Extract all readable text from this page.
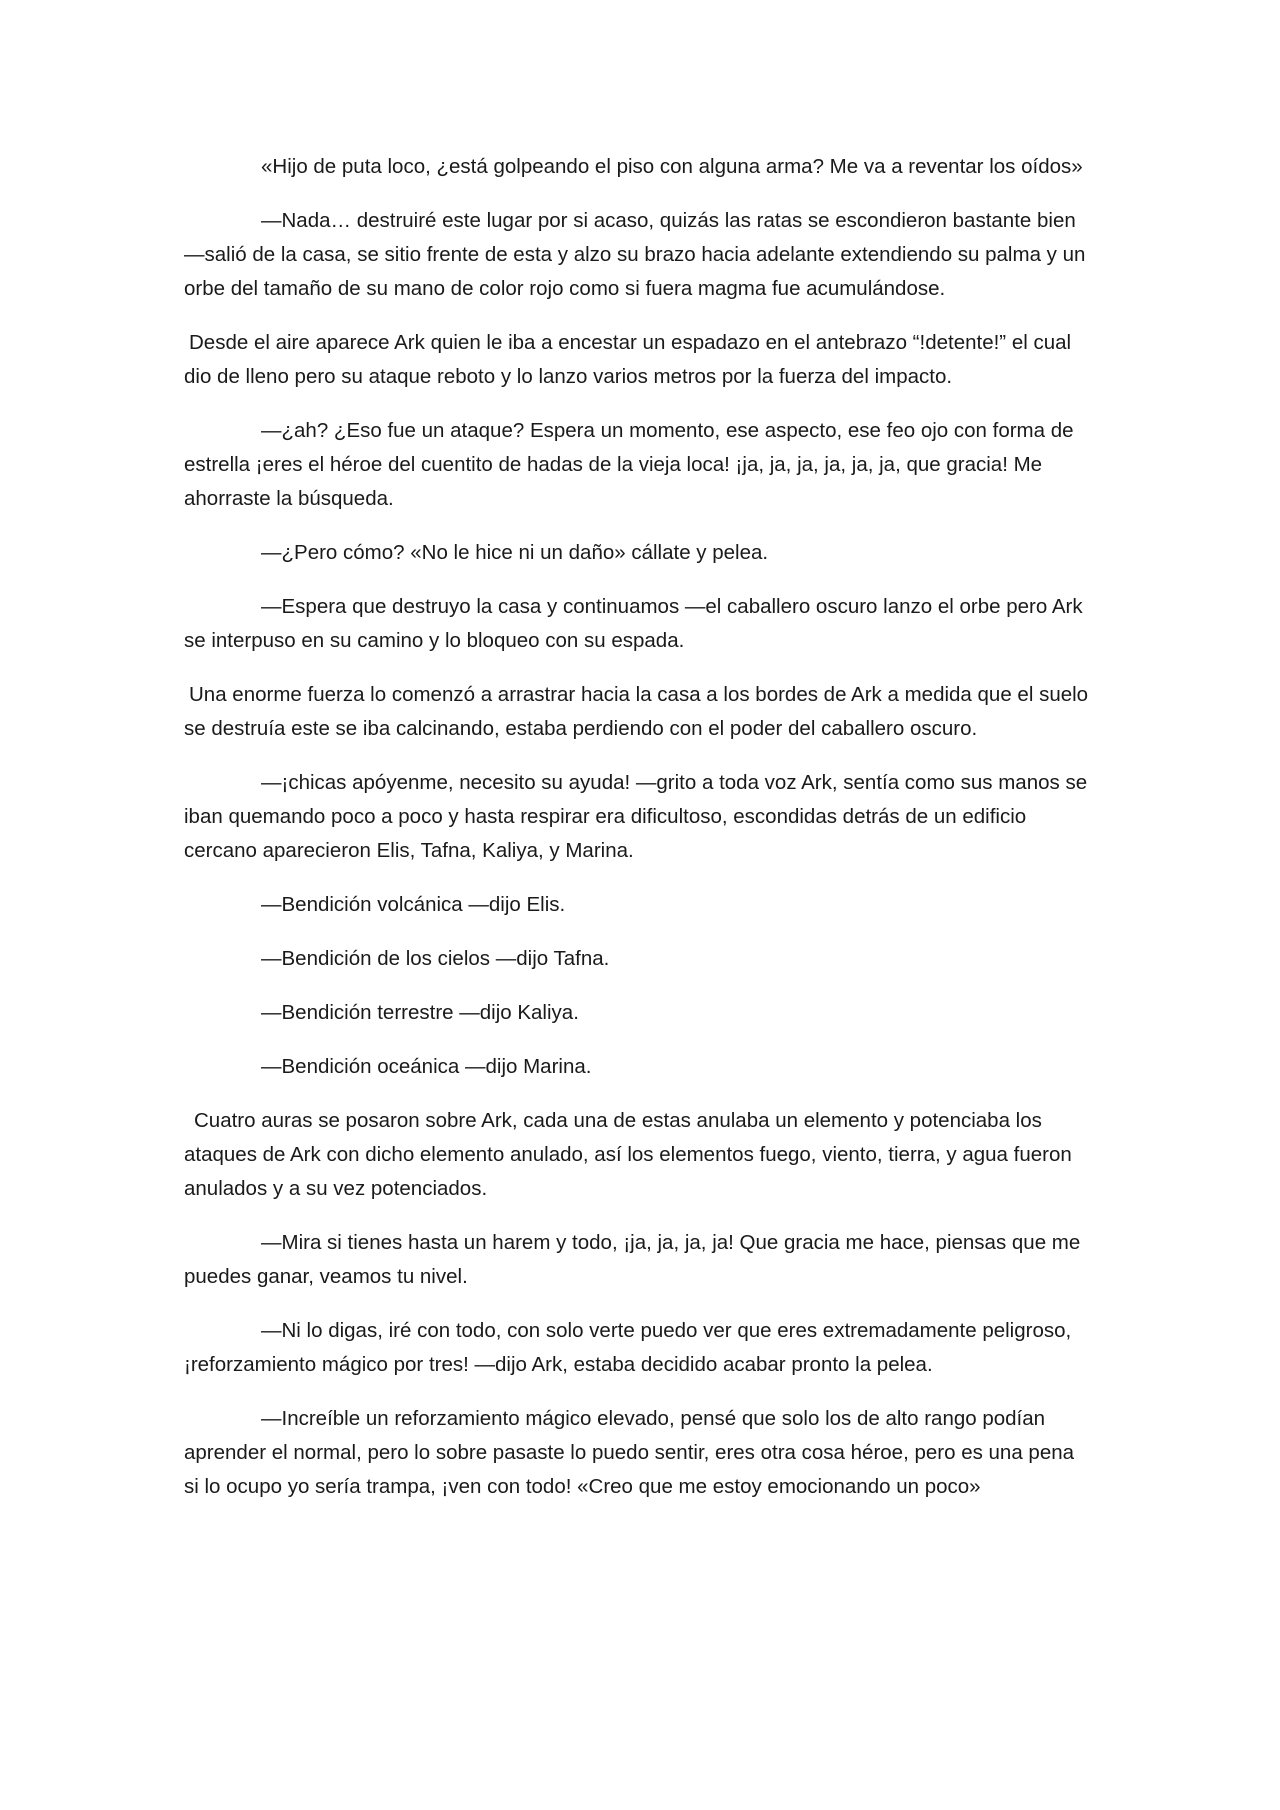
«Hijo de puta loco, ¿está golpeando el piso con alguna arma? Me va a reventar los oídos»

—Nada… destruiré este lugar por si acaso, quizás las ratas se escondieron bastante bien —salió de la casa, se sitio frente de esta y alzo su brazo hacia adelante extendiendo su palma y un orbe del tamaño de su mano de color rojo como si fuera magma fue acumulándose.

Desde el aire aparece Ark quien le iba a encestar un espadazo en el antebrazo “!detente!” el cual dio de lleno pero su ataque reboto y lo lanzo varios metros por la fuerza del impacto.

—¿ah? ¿Eso fue un ataque? Espera un momento, ese aspecto, ese feo ojo con forma de estrella ¡eres el héroe del cuentito de hadas de la vieja loca! ¡ja, ja, ja, ja, ja, ja, que gracia! Me ahorraste la búsqueda.

—¿Pero cómo? «No le hice ni un daño» cállate y pelea.

—Espera que destruyo la casa y continuamos —el caballero oscuro lanzo el orbe pero Ark se interpuso en su camino y lo bloqueo con su espada.

Una enorme fuerza lo comenzó a arrastrar hacia la casa a los bordes de Ark a medida que el suelo se destruía este se iba calcinando, estaba perdiendo con el poder del caballero oscuro.

—¡chicas apóyenme, necesito su ayuda! —grito a toda voz Ark, sentía como sus manos se iban quemando poco a poco y hasta respirar era dificultoso, escondidas detrás de un edificio cercano aparecieron Elis, Tafna, Kaliya, y Marina.

—Bendición volcánica —dijo Elis.

—Bendición de los cielos —dijo Tafna.

—Bendición terrestre —dijo Kaliya.

—Bendición oceánica —dijo Marina.

Cuatro auras se posaron sobre Ark, cada una de estas anulaba un elemento y potenciaba los ataques de Ark con dicho elemento anulado, así los elementos fuego, viento, tierra, y agua fueron anulados y a su vez potenciados.

—Mira si tienes hasta un harem y todo, ¡ja, ja, ja, ja! Que gracia me hace, piensas que me puedes ganar, veamos tu nivel.

—Ni lo digas, iré con todo, con solo verte puedo ver que eres extremadamente peligroso, ¡reforzamiento mágico por tres! —dijo Ark, estaba decidido acabar pronto la pelea.

—Increíble un reforzamiento mágico elevado, pensé que solo los de alto rango podían aprender el normal, pero lo sobre pasaste lo puedo sentir, eres otra cosa héroe, pero es una pena si lo ocupo yo sería trampa, ¡ven con todo! «Creo que me estoy emocionando un poco»
